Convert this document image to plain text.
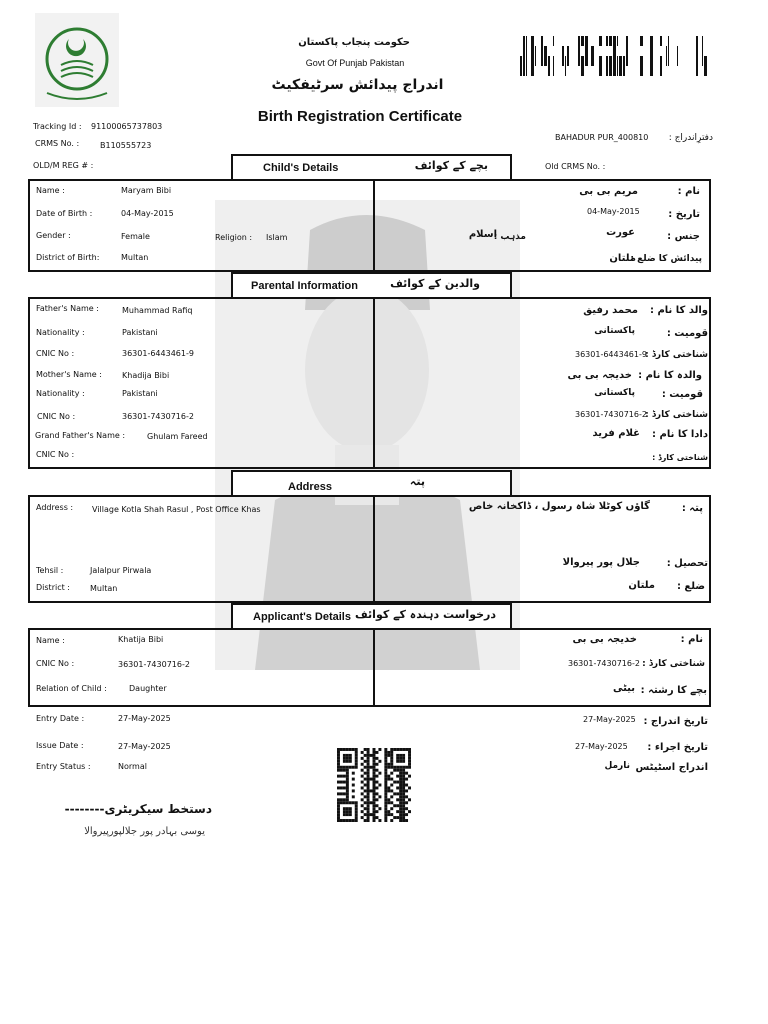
حکومت پنجاب پاکستان
Govt Of Punjab Pakistan
اندراج پیدائش سرٹیفکیٹ
Birth Registration Certificate
Tracking Id : 91100065737803
CRMS No. :	B110555723
OLD/M REG # :
BAHADUR PUR_400810	دفترِاندراج :
Old CRMS No. :
Child's Details	بچے کے کوائف
Name :	Maryam Bibi
Date of Birth :	04-May-2015
Gender :	Female	Religion : Islam
District of Birth:	Multan
نام :
مریم بی بی
تاریخ :
04-May-2015
جنس :
عورت
مذہب :
اسلام
پیدائش کا ضلع :
ملتان
Parental Information	والدین کے کوائف
Father's Name :	Muhammad Rafiq
Nationality :	Pakistani
CNIC No :	36301-6443461-9
Mother's Name :	Khadija Bibi
Nationality :	Pakistani
CNIC No :	36301-7430716-2
Grand Father's Name :	Ghulam Fareed
CNIC No :
والد کا نام :
محمد رفیق
قومیت :
پاکستانی
شناختی کارڈ :
36301-6443461-9
والدہ کا نام :
خدیجہ بی بی
قومیت :
پاکستانی
شناختی کارڈ :
36301-7430716-2
دادا کا نام :
غلام فرید
شناختی کارڈ :
Address	پتہ
Address : Village Kotla Shah Rasul , Post Office Khas
Tehsil :	Jalalpur Pirwala
District :	Multan
پتہ :
گاؤں کوٹلا شاہ رسول ، ڈاکخانہ خاص
تحصیل :
جلال پور پیروالا
ضلع :
ملتان
Applicant's Details درخواست دہندہ کے کوائف
Name :	Khatija Bibi
CNIC No :	36301-7430716-2
Relation of Child :	Daughter
نام :
خدیجہ بی بی
شناختی کارڈ :
36301-7430716-2
بچے کا رشتہ :
بیٹی
Entry Date :	27-May-2025
Issue Date :	27-May-2025
Entry Status :	Normal
تاریخ اندراج :
27-May-2025
تاریخ اجراء :
27-May-2025
اندراج اسٹیٹس
نارمل
دستخط سیکریٹری--------
یوسی بہادر پور جلالپورپیروالا
